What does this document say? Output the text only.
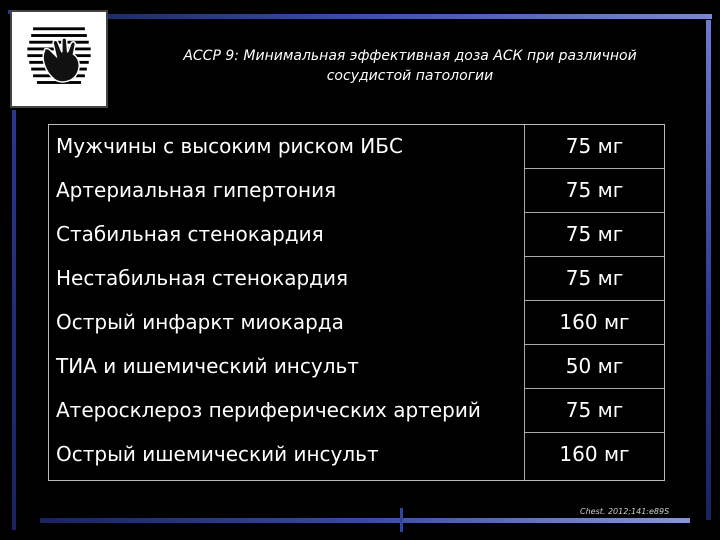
ACCP 9: Минимальная эффективная доза АСК при различной
сосудистой патологии
Мужчины с высоким риском ИБС	75 мг
Артериальная гипертония	75 мг
Стабильная стенокардия	75 мг
Нестабильная стенокардия	75 мг
Острый инфаркт миокарда	160 мг
ТИА и ишемический инсульт	50 мг
Атеросклероз периферических артерий	75 мг
Острый ишемический инсульт	160 мг
Chest. 2012;141:e89S
